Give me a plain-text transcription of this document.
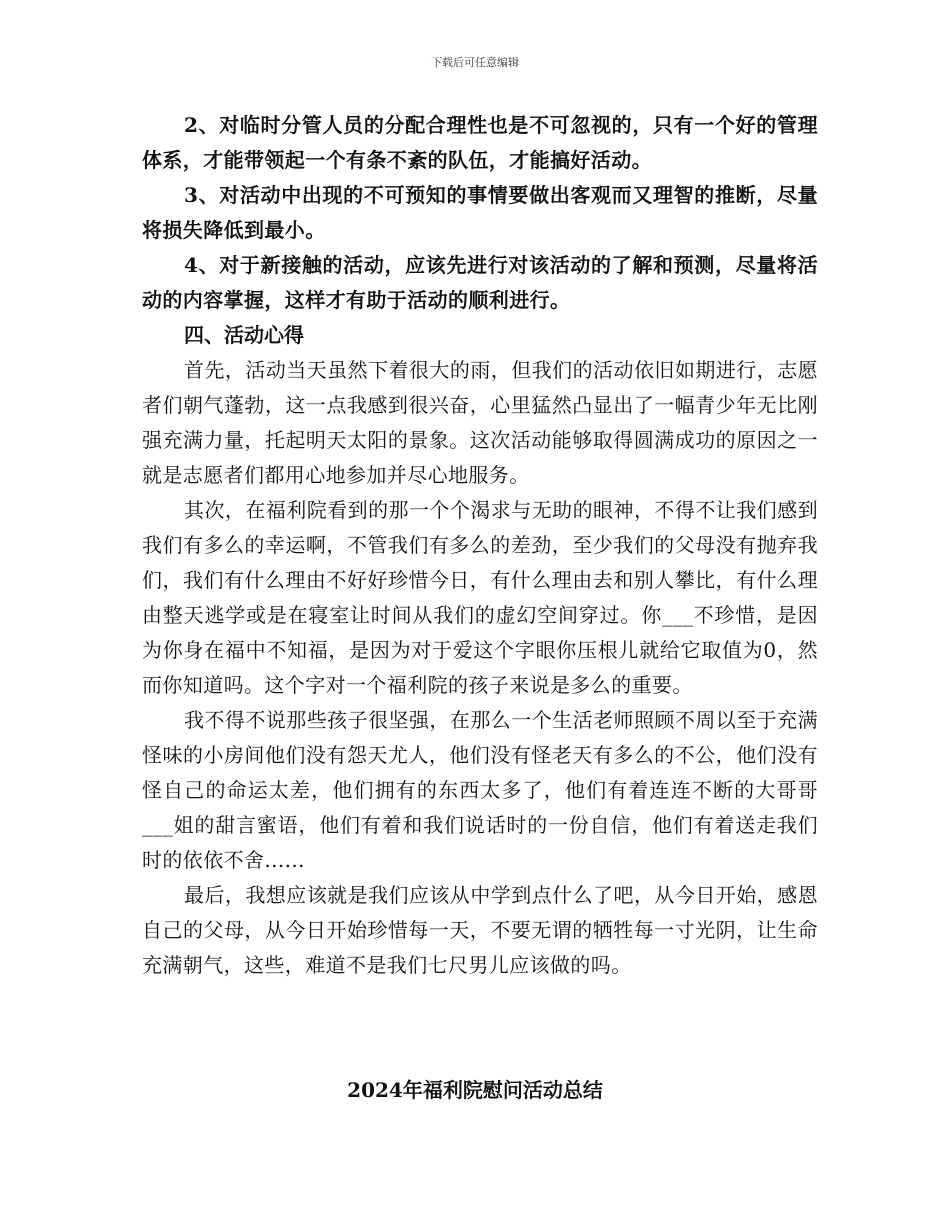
下载后可任意编辑

2、对临时分管人员的分配合理性也是不可忽视的，只有一个好的管理体系，才能带领起一个有条不紊的队伍，才能搞好活动。

3、对活动中出现的不可预知的事情要做出客观而又理智的推断，尽量将损失降低到最小。

4、对于新接触的活动，应该先进行对该活动的了解和预测，尽量将活动的内容掌握，这样才有助于活动的顺利进行。

四、活动心得

首先，活动当天虽然下着很大的雨，但我们的活动依旧如期进行，志愿者们朝气蓬勃，这一点我感到很兴奋，心里猛然凸显出了一幅青少年无比刚强充满力量，托起明天太阳的景象。这次活动能够取得圆满成功的原因之一就是志愿者们都用心地参加并尽心地服务。

其次，在福利院看到的那一个个渴求与无助的眼神，不得不让我们感到我们有多么的幸运啊，不管我们有多么的差劲，至少我们的父母没有抛弃我们，我们有什么理由不好好珍惜今日，有什么理由去和别人攀比，有什么理由整天逃学或是在寝室让时间从我们的虚幻空间穿过。你___不珍惜，是因为你身在福中不知福，是因为对于爱这个字眼你压根儿就给它取值为0，然而你知道吗。这个字对一个福利院的孩子来说是多么的重要。

我不得不说那些孩子很坚强，在那么一个生活老师照顾不周以至于充满怪味的小房间他们没有怨天尤人，他们没有怪老天有多么的不公，他们没有怪自己的命运太差，他们拥有的东西太多了，他们有着连连不断的大哥哥___姐的甜言蜜语，他们有着和我们说话时的一份自信，他们有着送走我们时的依依不舍......

最后，我想应该就是我们应该从中学到点什么了吧，从今日开始，感恩自己的父母，从今日开始珍惜每一天，不要无谓的牺牲每一寸光阴，让生命充满朝气，这些，难道不是我们七尺男儿应该做的吗。

2024年福利院慰问活动总结
